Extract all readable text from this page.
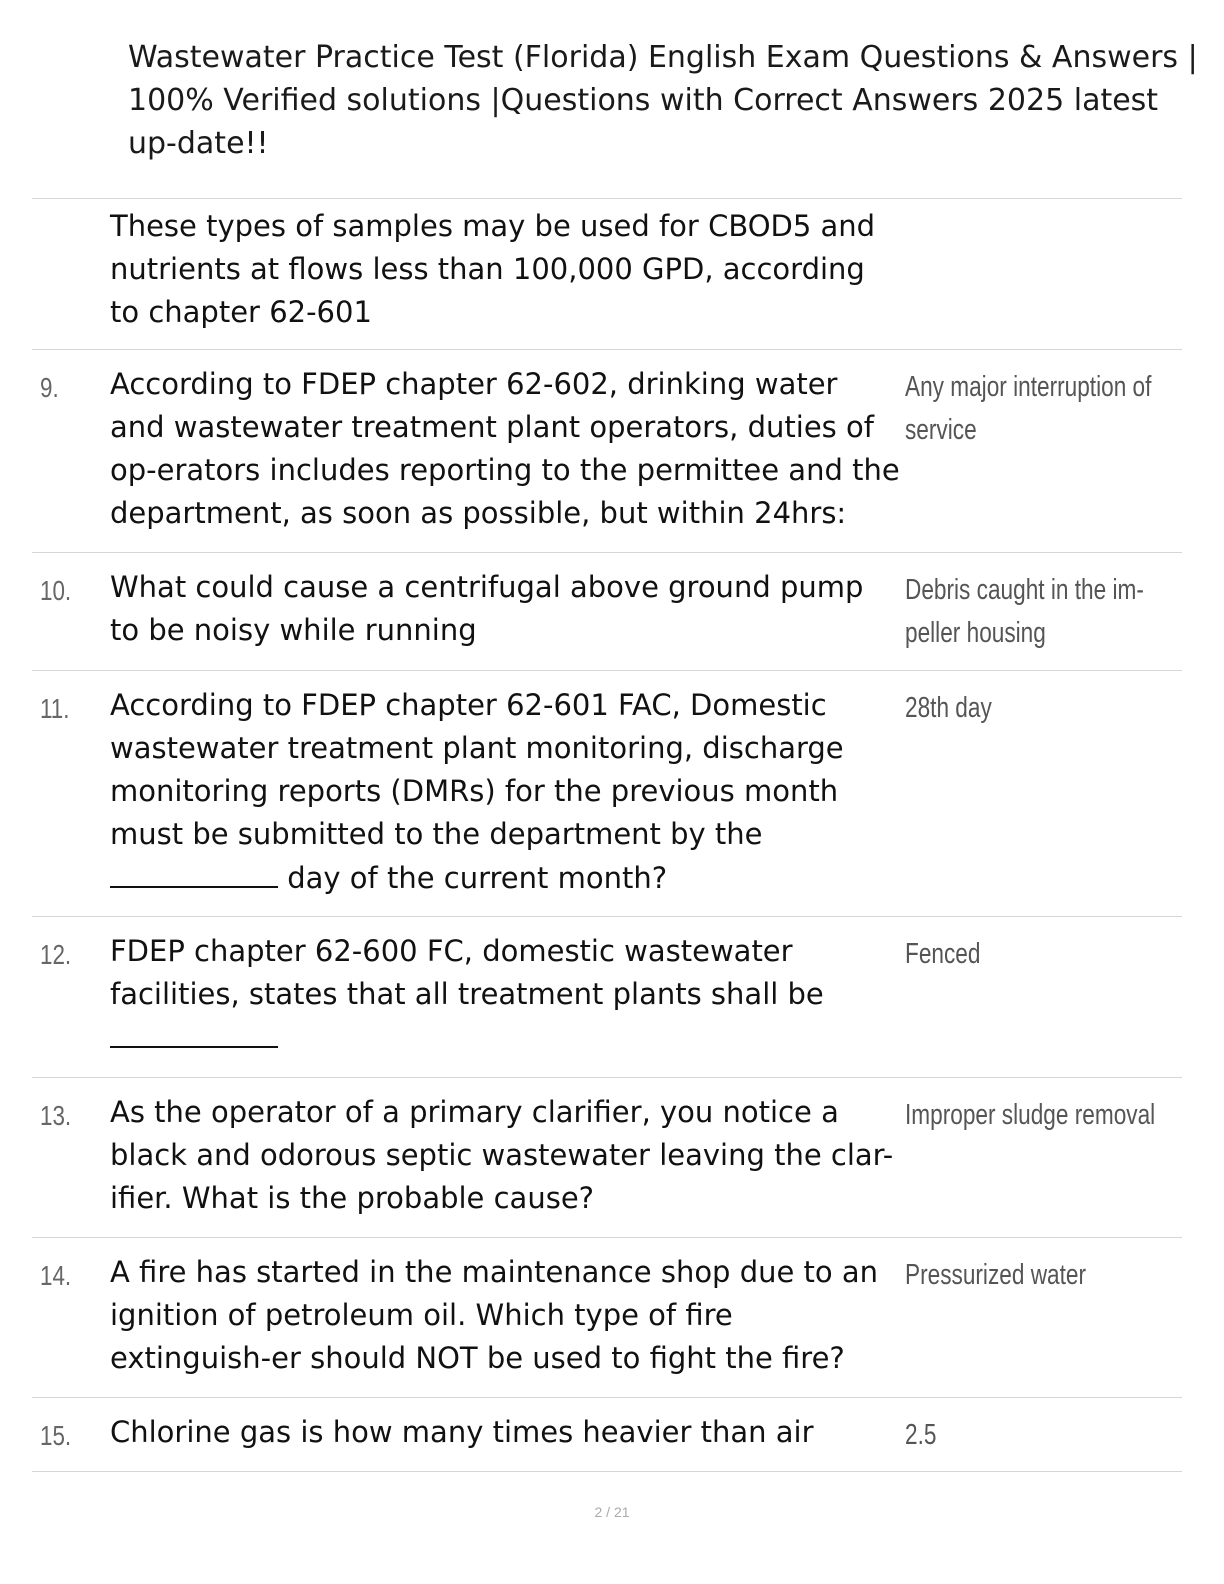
Wastewater Practice Test (Florida) English Exam Questions & Answers | 100% Verified solutions |Questions with Correct Answers 2025 latest up-date!!
These types of samples may be used for CBOD5 and nutrients at flows less than 100,000 GPD, according to chapter 62-601
9. According to FDEP chapter 62-602, drinking water and wastewater treatment plant operators, duties of op-erators includes reporting to the permittee and the department, as soon as possible, but within 24hrs:
Any major interruption of service
10. What could cause a centrifugal above ground pump to be noisy while running
Debris caught in the im-peller housing
11. According to FDEP chapter 62-601 FAC, Domestic wastewater treatment plant monitoring, discharge monitoring reports (DMRs) for the previous month must be submitted to the department by the
day of the current month?
28th day
12. FDEP chapter 62-600 FC, domestic wastewater facilities, states that all treatment plants shall be
Fenced
13. As the operator of a primary clarifier, you notice a black and odorous septic wastewater leaving the clar-ifier. What is the probable cause?
Improper sludge removal
14. A fire has started in the maintenance shop due to an ignition of petroleum oil. Which type of fire extinguish-er should NOT be used to fight the fire?
Pressurized water
15. Chlorine gas is how many times heavier than air	2.5
2 / 21
